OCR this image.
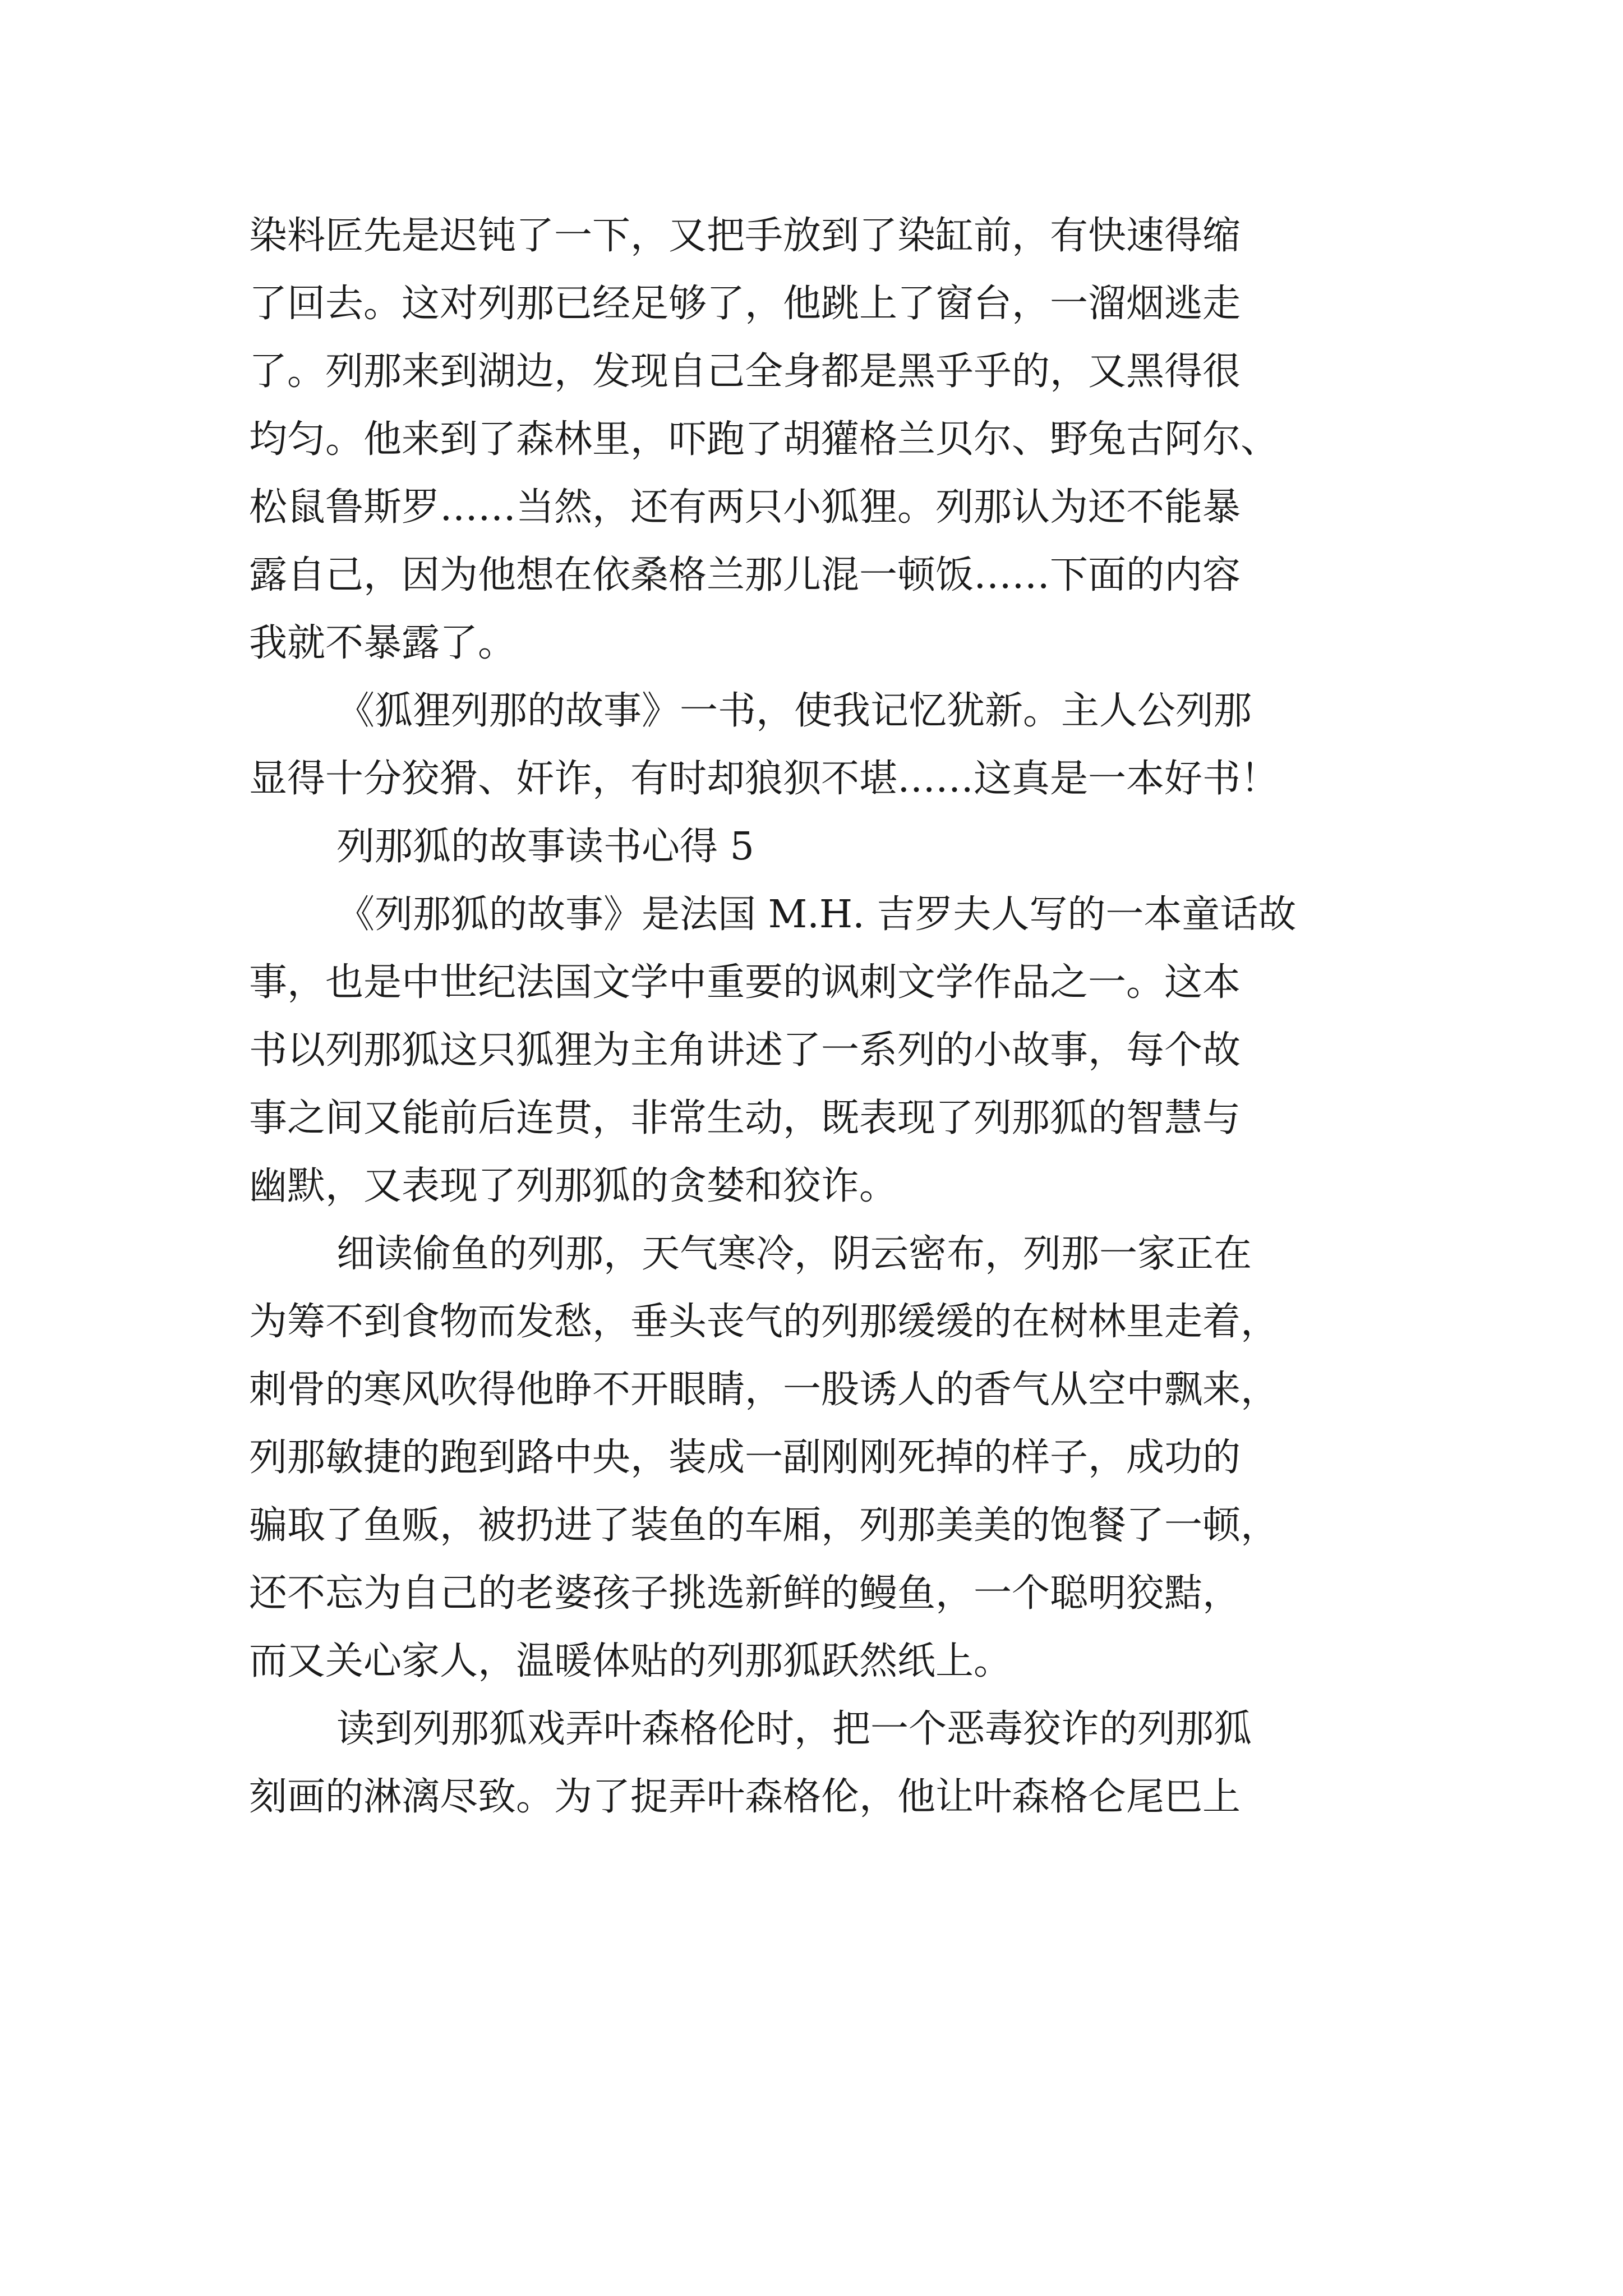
染料匠先是迟钝了一下，又把手放到了染缸前，有快速得缩
了回去。这对列那已经足够了，他跳上了窗台，一溜烟逃走
了。列那来到湖边，发现自己全身都是黑乎乎的，又黑得很
均匀。他来到了森林里，吓跑了胡獾格兰贝尔、野兔古阿尔、
松鼠鲁斯罗……当然，还有两只小狐狸。列那认为还不能暴
露自己，因为他想在依桑格兰那儿混一顿饭……下面的内容
我就不暴露了。
《狐狸列那的故事》一书，使我记忆犹新。主人公列那
显得十分狡猾、奸诈，有时却狼狈不堪……这真是一本好书！
列那狐的故事读书心得 5
《列那狐的故事》是法国 M.H. 吉罗夫人写的一本童话故
事，也是中世纪法国文学中重要的讽刺文学作品之一。这本
书以列那狐这只狐狸为主角讲述了一系列的小故事，每个故
事之间又能前后连贯，非常生动，既表现了列那狐的智慧与
幽默，又表现了列那狐的贪婪和狡诈。
细读偷鱼的列那，天气寒冷，阴云密布，列那一家正在
为筹不到食物而发愁，垂头丧气的列那缓缓的在树林里走着，
刺骨的寒风吹得他睁不开眼睛，一股诱人的香气从空中飘来，
列那敏捷的跑到路中央，装成一副刚刚死掉的样子，成功的
骗取了鱼贩，被扔进了装鱼的车厢，列那美美的饱餐了一顿，
还不忘为自己的老婆孩子挑选新鲜的鳗鱼，一个聪明狡黠，
而又关心家人，温暖体贴的列那狐跃然纸上。
读到列那狐戏弄叶森格伦时，把一个恶毒狡诈的列那狐
刻画的淋漓尽致。为了捉弄叶森格伦，他让叶森格仑尾巴上
